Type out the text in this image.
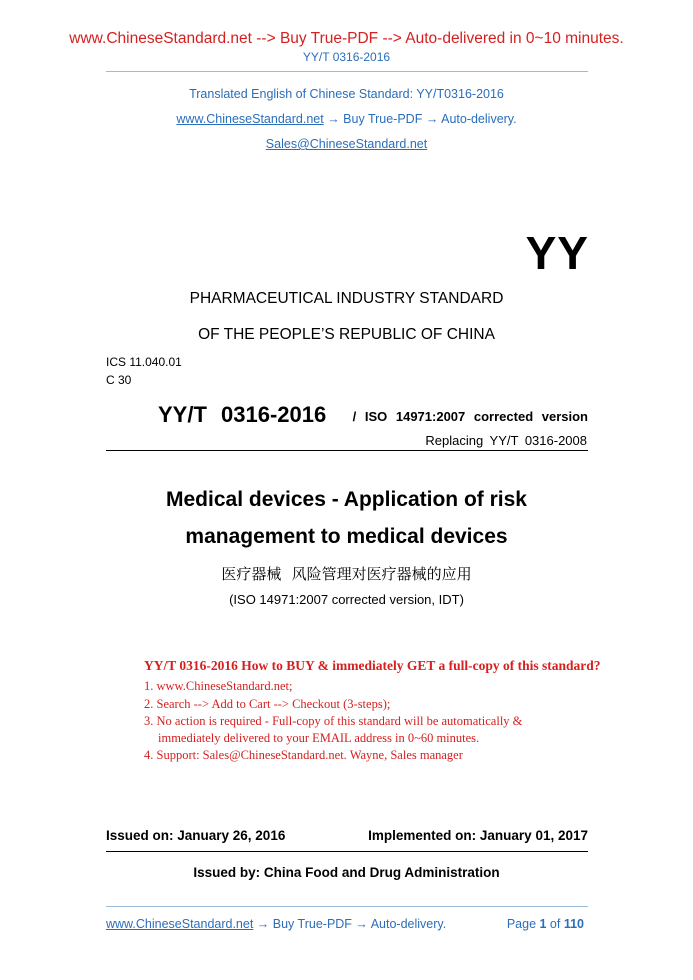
www.ChineseStandard.net --> Buy True-PDF --> Auto-delivered in 0~10 minutes.
YY/T 0316-2016
Translated English of Chinese Standard: YY/T0316-2016
www.ChineseStandard.net → Buy True-PDF → Auto-delivery.
Sales@ChineseStandard.net
YY
PHARMACEUTICAL INDUSTRY STANDARD
OF THE PEOPLE’S REPUBLIC OF CHINA
ICS 11.040.01
C 30
YY/T 0316-2016 / ISO 14971:2007 corrected version
Replacing YY/T 0316-2008
Medical devices - Application of risk
management to medical devices
医疗器械 风险管理对医疗器械的应用
(ISO 14971:2007 corrected version, IDT)
YY/T 0316-2016 How to BUY & immediately GET a full-copy of this standard?
1. www.ChineseStandard.net;
2. Search --> Add to Cart --> Checkout (3-steps);
3. No action is required - Full-copy of this standard will be automatically &
immediately delivered to your EMAIL address in 0~60 minutes.
4. Support: Sales@ChineseStandard.net. Wayne, Sales manager
Issued on: January 26, 2016	Implemented on: January 01, 2017
Issued by: China Food and Drug Administration
www.ChineseStandard.net → Buy True-PDF → Auto-delivery.	Page 1 of 110
